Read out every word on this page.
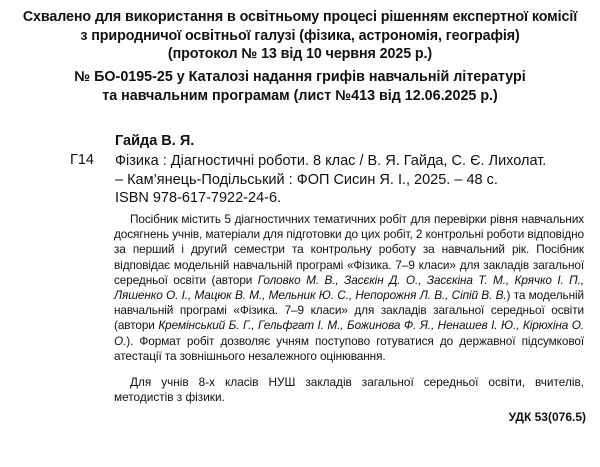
Схвалено для використання в освітньому процесі рішенням експертної комісії
з природничої освітньої галузі (фізика, астрономія, географія)
(протокол № 13 від 10 червня 2025 р.)
№ БО-0195-25 у Каталозі надання грифів навчальній літературі
та навчальним програмам (лист №413 від 12.06.2025 р.)
Гайда В. Я.
Г14 Фізика : Діагностичні роботи. 8 клас / В. Я. Гайда, С. Є. Лихолат.
– Кам’янець-Подільський : ФОП Сисин Я. І., 2025. – 48 с.
ISBN 978-617-7922-24-6.

Посібник містить 5 діагностичних тематичних робіт для перевірки рівня навчальних досягнень учнів, матеріали для підготовки до цих робіт, 2 контрольні роботи відповідно за перший і другий семестри та контрольну роботу за навчальний рік. Посібник відповідає модельній навчальній програмі «Фізика. 7–9 класи» для закладів загальної середньої освіти (автори Головко М. В., Засєкін Д. О., Засєкіна Т. М., Крячко І. П., Ляшенко О. І., Мацюк В. М., Мельник Ю. С., Непорожня Л. В., Сіпій В. В.) та модельній навчальній програмі «Фізика. 7–9 класи» для закладів загальної середньої освіти (автори Кремінський Б. Г., Гельфгат І. М., Божинова Ф. Я., Ненашев І. Ю., Кірюхіна О. О.). Формат робіт дозволяє учням поступово готуватися до державної підсумкової атестації та зовнішнього незалежного оцінювання.

Для учнів 8-х класів НУШ закладів загальної середньої освіти, вчителів, методистів з фізики.

УДК 53(076.5)
